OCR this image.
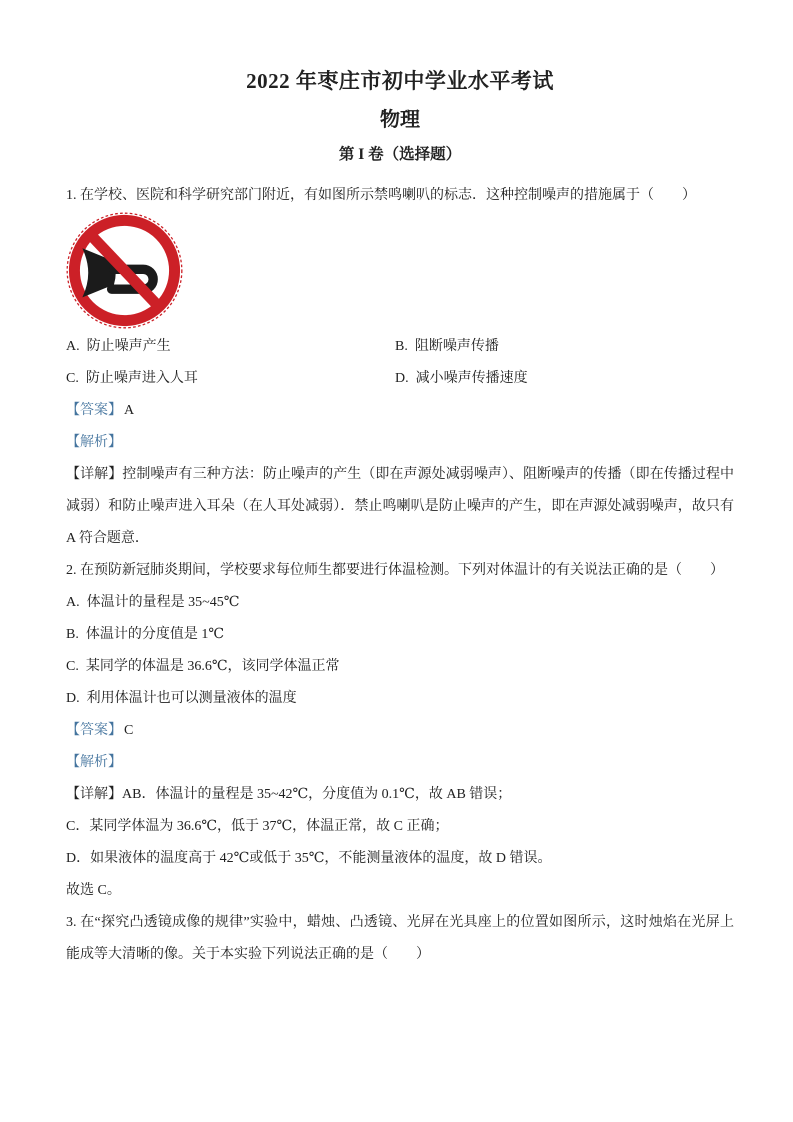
2022 年枣庄市初中学业水平考试
物理
第 I 卷（选择题）

1. 在学校、医院和科学研究部门附近，有如图所示禁鸣喇叭的标志．这种控制噪声的措施属于（　　）

A. 防止噪声产生	B. 阻断噪声传播
C. 防止噪声进入人耳	D. 减小噪声传播速度

【答案】 A

【解析】

【详解】控制噪声有三种方法：防止噪声的产生（即在声源处减弱噪声）、阻断噪声的传播（即在传播过程中减弱）和防止噪声进入耳朵（在人耳处减弱）．禁止鸣喇叭是防止噪声的产生，即在声源处减弱噪声，故只有 A 符合题意．

2. 在预防新冠肺炎期间，学校要求每位师生都要进行体温检测。下列对体温计的有关说法正确的是（　　）

A. 体温计的量程是 35~45℃

B. 体温计的分度值是 1℃

C. 某同学的体温是 36.6℃，该同学体温正常

D. 利用体温计也可以测量液体的温度

【答案】 C

【解析】

【详解】AB．体温计的量程是 35~42℃，分度值为 0.1℃，故 AB 错误；

C．某同学体温为 36.6℃，低于 37℃，体温正常，故 C 正确；

D．如果液体的温度高于 42℃或低于 35℃，不能测量液体的温度，故 D 错误。

故选 C。

3. 在“探究凸透镜成像的规律”实验中，蜡烛、凸透镜、光屏在光具座上的位置如图所示，这时烛焰在光屏上能成等大清晰的像。关于本实验下列说法正确的是（　　）
